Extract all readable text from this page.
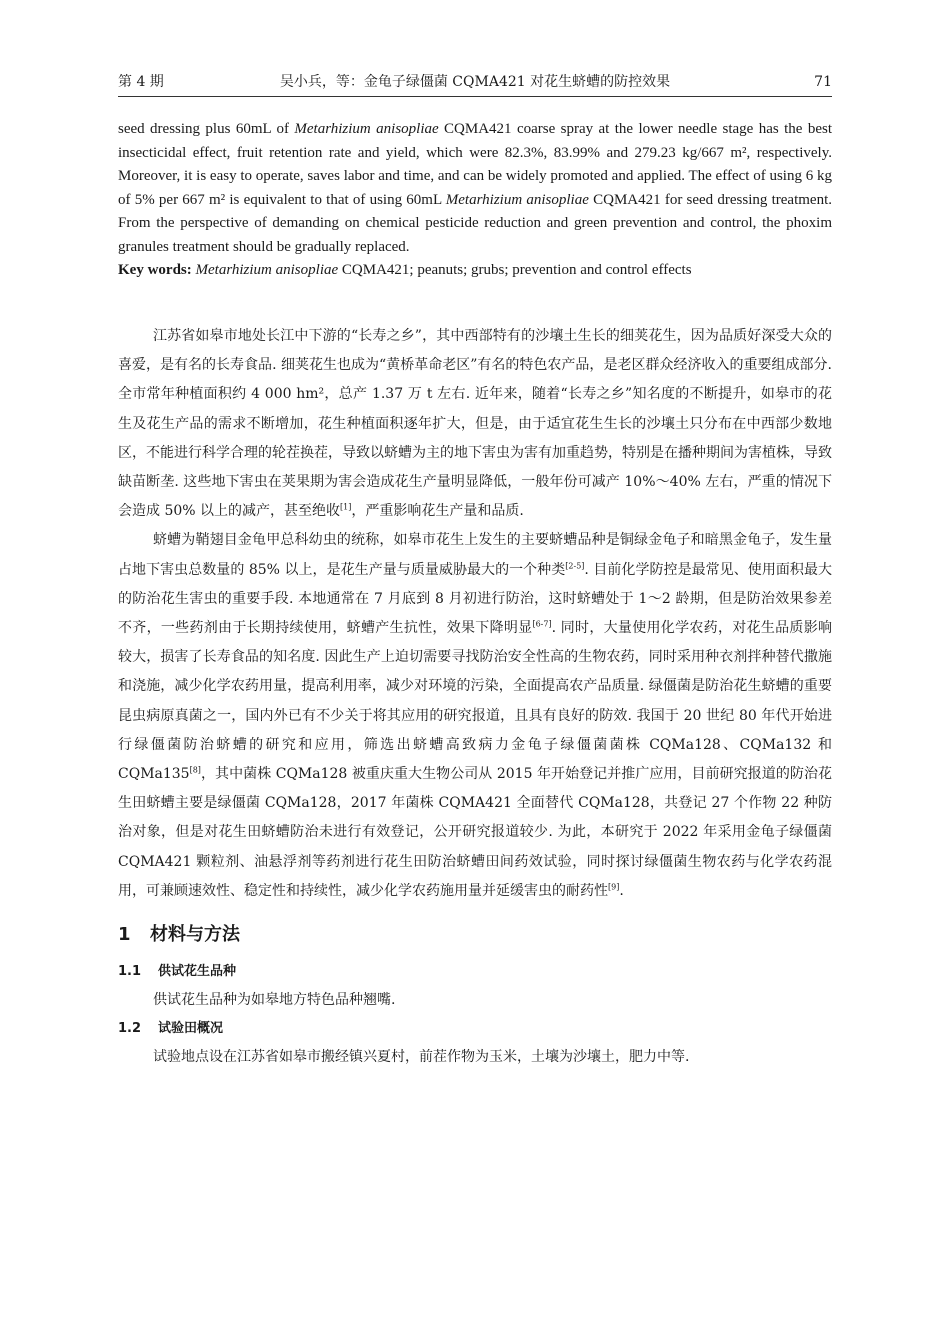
第 4 期	吴小兵，等：金龟子绿僵菌 CQMA421 对花生蛴螬的防控效果	71

seed dressing plus 60mL of Metarhizium anisopliae CQMA421 coarse spray at the lower needle stage has the best insecticidal effect, fruit retention rate and yield, which were 82.3%, 83.99% and 279.23 kg/667 m², respectively. Moreover, it is easy to operate, saves labor and time, and can be widely promoted and applied. The effect of using 6 kg of 5% per 667 m² is equivalent to that of using 60mL Metarhizium anisopliae CQMA421 for seed dressing treatment. From the perspective of demanding on chemical pesticide reduction and green prevention and control, the phoxim granules treatment should be gradually replaced.

Key words: Metarhizium anisopliae CQMA421; peanuts; grubs; prevention and control effects

江苏省如皋市地处长江中下游的“长寿之乡”，其中西部特有的沙壤土生长的细荚花生，因为品质好深受大众的喜爱，是有名的长寿食品. 细荚花生也成为“黄桥革命老区”有名的特色农产品，是老区群众经济收入的重要组成部分. 全市常年种植面积约 4 000 hm²，总产 1.37 万 t 左右. 近年来，随着“长寿之乡”知名度的不断提升，如皋市的花生及花生产品的需求不断增加，花生种植面积逐年扩大，但是，由于适宜花生生长的沙壤土只分布在中西部少数地区，不能进行科学合理的轮茬换茬，导致以蛴螬为主的地下害虫为害有加重趋势，特别是在播种期间为害植株，导致缺苗断垄. 这些地下害虫在荚果期为害会造成花生产量明显降低，一般年份可减产 10%～40% 左右，严重的情况下会造成 50% 以上的减产，甚至绝收[1]，严重影响花生产量和品质.

蛴螬为鞘翅目金龟甲总科幼虫的统称，如皋市花生上发生的主要蛴螬品种是铜绿金龟子和暗黑金龟子，发生量占地下害虫总数量的 85% 以上，是花生产量与质量威胁最大的一个种类[2-5]. 目前化学防控是最常见、使用面积最大的防治花生害虫的重要手段. 本地通常在 7 月底到 8 月初进行防治，这时蛴螬处于 1～2 龄期，但是防治效果参差不齐，一些药剂由于长期持续使用，蛴螬产生抗性，效果下降明显[6-7]. 同时，大量使用化学农药，对花生品质影响较大，损害了长寿食品的知名度. 因此生产上迫切需要寻找防治安全性高的生物农药，同时采用种衣剂拌种替代撒施和浇施，减少化学农药用量，提高利用率，减少对环境的污染，全面提高农产品质量. 绿僵菌是防治花生蛴螬的重要昆虫病原真菌之一，国内外已有不少关于将其应用的研究报道，且具有良好的防效. 我国于 20 世纪 80 年代开始进行绿僵菌防治蛴螬的研究和应用，筛选出蛴螬高致病力金龟子绿僵菌菌株 CQMa128、CQMa132 和 CQMa135[8]，其中菌株 CQMa128 被重庆重大生物公司从 2015 年开始登记并推广应用，目前研究报道的防治花生田蛴螬主要是绿僵菌 CQMa128，2017 年菌株 CQMA421 全面替代 CQMa128，共登记 27 个作物 22 种防治对象，但是对花生田蛴螬防治未进行有效登记，公开研究报道较少. 为此，本研究于 2022 年采用金龟子绿僵菌 CQMA421 颗粒剂、油悬浮剂等药剂进行花生田防治蛴螬田间药效试验，同时探讨绿僵菌生物农药与化学农药混用，可兼顾速效性、稳定性和持续性，减少化学农药施用量并延缓害虫的耐药性[9].

1 材料与方法
1.1 供试花生品种

供试花生品种为如皋地方特色品种翘嘴.

1.2 试验田概况

试验地点设在江苏省如皋市搬经镇兴夏村，前茬作物为玉米，土壤为沙壤土，肥力中等.
